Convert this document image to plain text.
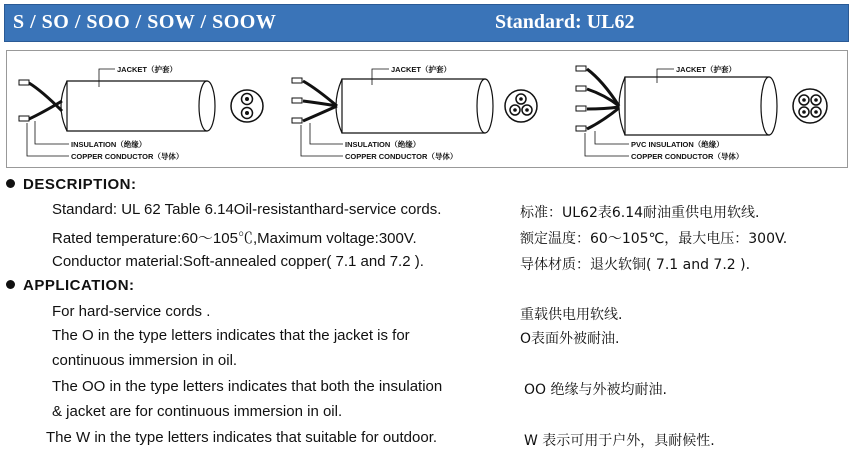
S / SO / SOO / SOW / SOOW	Standard: UL62
JACKET（护套）
INSULATION（绝缘）
COPPER CONDUCTOR（导体）
JACKET（护套）
INSULATION（绝缘）
COPPER CONDUCTOR（导体）
JACKET（护套）
PVC INSULATION（绝缘）
COPPER CONDUCTOR（导体）
DESCRIPTION:
Standard: UL 62 Table 6.14Oil-resistanthard-service cords.	标准：UL62表6.14耐油重供电用软线.
Rated temperature:60～105℃,Maximum voltage:300V.	额定温度：60～105℃，最大电压：300V.
Conductor material:Soft-annealed copper( 7.1 and 7.2 ).	导体材质：退火软铜( 7.1 and 7.2 ).
APPLICATION:
For hard-service cords .	重载供电用软线.
The O in the type letters indicates that the jacket is for	O表面外被耐油.
continuous immersion in oil.
The OO in the type letters indicates that both the insulation	OO 绝缘与外被均耐油.
& jacket are for continuous immersion in oil.
The W in the type letters indicates that suitable for outdoor.	W 表示可用于户外，具耐候性.
